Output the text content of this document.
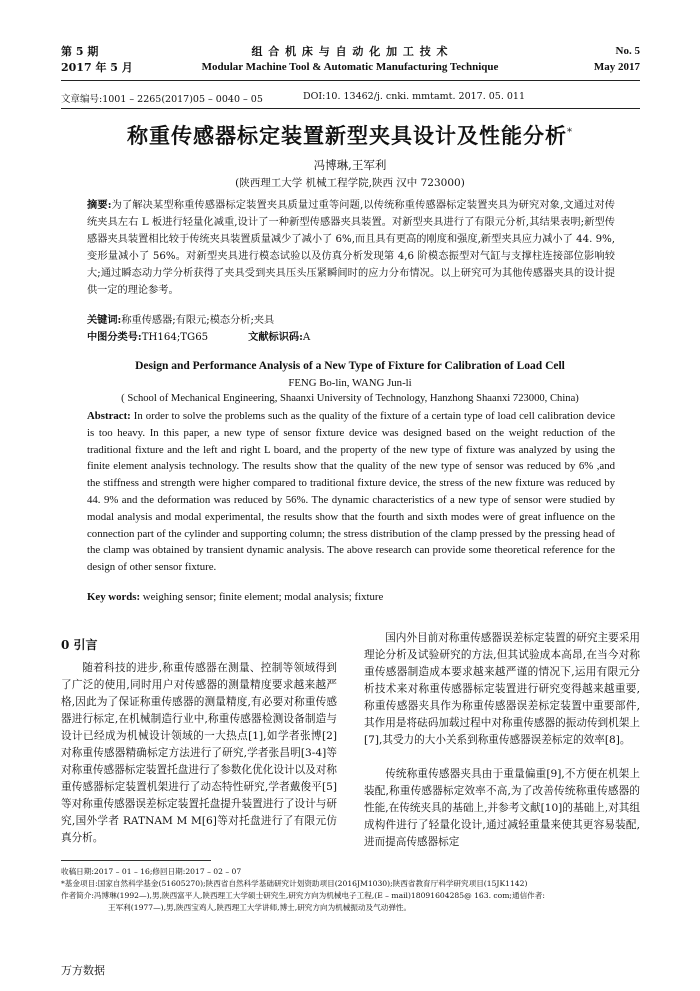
第 5 期
2017 年 5 月
组 合 机 床 与 自 动 化 加 工 技 术
Modular Machine Tool & Automatic Manufacturing Technique
No. 5
May 2017
文章编号:1001 – 2265(2017)05 – 0040 – 05	DOI:10. 13462/j. cnki. mmtamt. 2017. 05. 011
称重传感器标定装置新型夹具设计及性能分析*
冯博琳,王军利
(陕西理工大学 机械工程学院,陕西 汉中 723000)
摘要:为了解决某型称重传感器标定装置夹具质量过重等问题,以传统称重传感器标定装置夹具为研究对象,文通过对传统夹具左右 L 板进行轻量化减重,设计了一种新型传感器夹具装置。对新型夹具进行了有限元分析,其结果表明;新型传感器夹具装置相比较于传统夹具装置质量减少了减小了 6%,而且具有更高的刚度和强度,新型夹具应力减小了 44. 9%,变形量减小了 56%。对新型夹具进行模态试验以及仿真分析发现第 4,6 阶模态振型对气缸与支撑柱连接部位影响较大;通过瞬态动力学分析获得了夹具受到夹具压头压紧瞬间时的应力分布情况。以上研究可为其他传感器夹具的设计提供一定的理论参考。
关键词:称重传感器;有限元;模态分析;夹具
中图分类号:TH164;TG65	文献标识码:A
Design and Performance Analysis of a New Type of Fixture for Calibration of Load Cell
FENG Bo-lin, WANG Jun-li
( School of Mechanical Engineering, Shaanxi University of Technology, Hanzhong Shaanxi 723000, China)
Abstract: In order to solve the problems such as the quality of the fixture of a certain type of load cell calibration device is too heavy. In this paper, a new type of sensor fixture device was designed based on the weight reduction of the traditional fixture and the left and right L board, and the property of the new type of fixture was analyzed by using the finite element analysis technology. The results show that the quality of the new type of sensor was reduced by 6% ,and the stiffness and strength were higher compared to traditional fixture device, the stress of the new fixture was reduced by 44. 9% and the deformation was reduced by 56%. The dynamic characteristics of a new type of sensor were studied by modal analysis and modal experimental, the results show that the fourth and sixth modes were of great influence on the connection part of the cylinder and supporting column; the stress distribution of the clamp pressed by the pressing head of the clamp was obtained by transient dynamic analysis. The above research can provide some theoretical reference for the design of other sensor fixture.
Key words: weighing sensor; finite element; modal analysis; fixture
0 引言
随着科技的进步,称重传感器在测量、控制等领域得到了广泛的使用,同时用户对传感器的测量精度要求越来越严格,因此为了保证称重传感器的测量精度,有必要对称重传感器进行标定,在机械制造行业中,称重传感器检测设备制造与设计已经成为机械设计领域的一大热点[1],如学者张博[2]对称重传感器精确标定方法进行了研究,学者张昌明[3-4]等对称重传感器标定装置托盘进行了参数化优化设计以及对称重传感器标定装置机架进行了动态特性研究,学者戴俊平[5]等对称重传感器误差标定装置托盘提升装置进行了设计与研究,国外学者 RATNAM M M[6]等对托盘进行了有限元仿真分析。
国内外目前对称重传感器误差标定装置的研究主要采用理论分析及试验研究的方法,但其试验成本高昂,在当今对称重传感器制造成本要求越来越严谨的情况下,运用有限元分析技术来对称重传感器标定装置进行研究变得越来越重要,称重传感器夹具作为称重传感器误差标定装置中重要部件,其作用是将砝码加载过程中对称重传感器的振动传到机架上[7],其受力的大小关系到称重传感器误差标定的效率[8]。
传统称重传感器夹具由于重量偏重[9],不方便在机架上装配,称重传感器标定效率不高,为了改善传统称重传感器的性能,在传统夹具的基础上,并参考文献[10]的基础上,对其组成构件进行了轻量化设计,通过减轻重量来使其更容易装配,进而提高传感器标定
收稿日期:2017 – 01 – 16;修回日期:2017 – 02 – 07
*基金项目:国家自然科学基金(51605270);陕西省自然科学基础研究计划资助项目(2016JM1030);陕西省教育厅科学研究项目(15JK1142)
作者简介:冯博琳(1992—),男,陕西富平人,陕西理工大学硕士研究生,研究方向为机械电子工程,(E – mail)18091604285@ 163. com;通信作者:
王军利(1977—),男,陕西宝鸡人,陕西理工大学讲师,博士,研究方向为机械振动及气动弹性。
万方数据
